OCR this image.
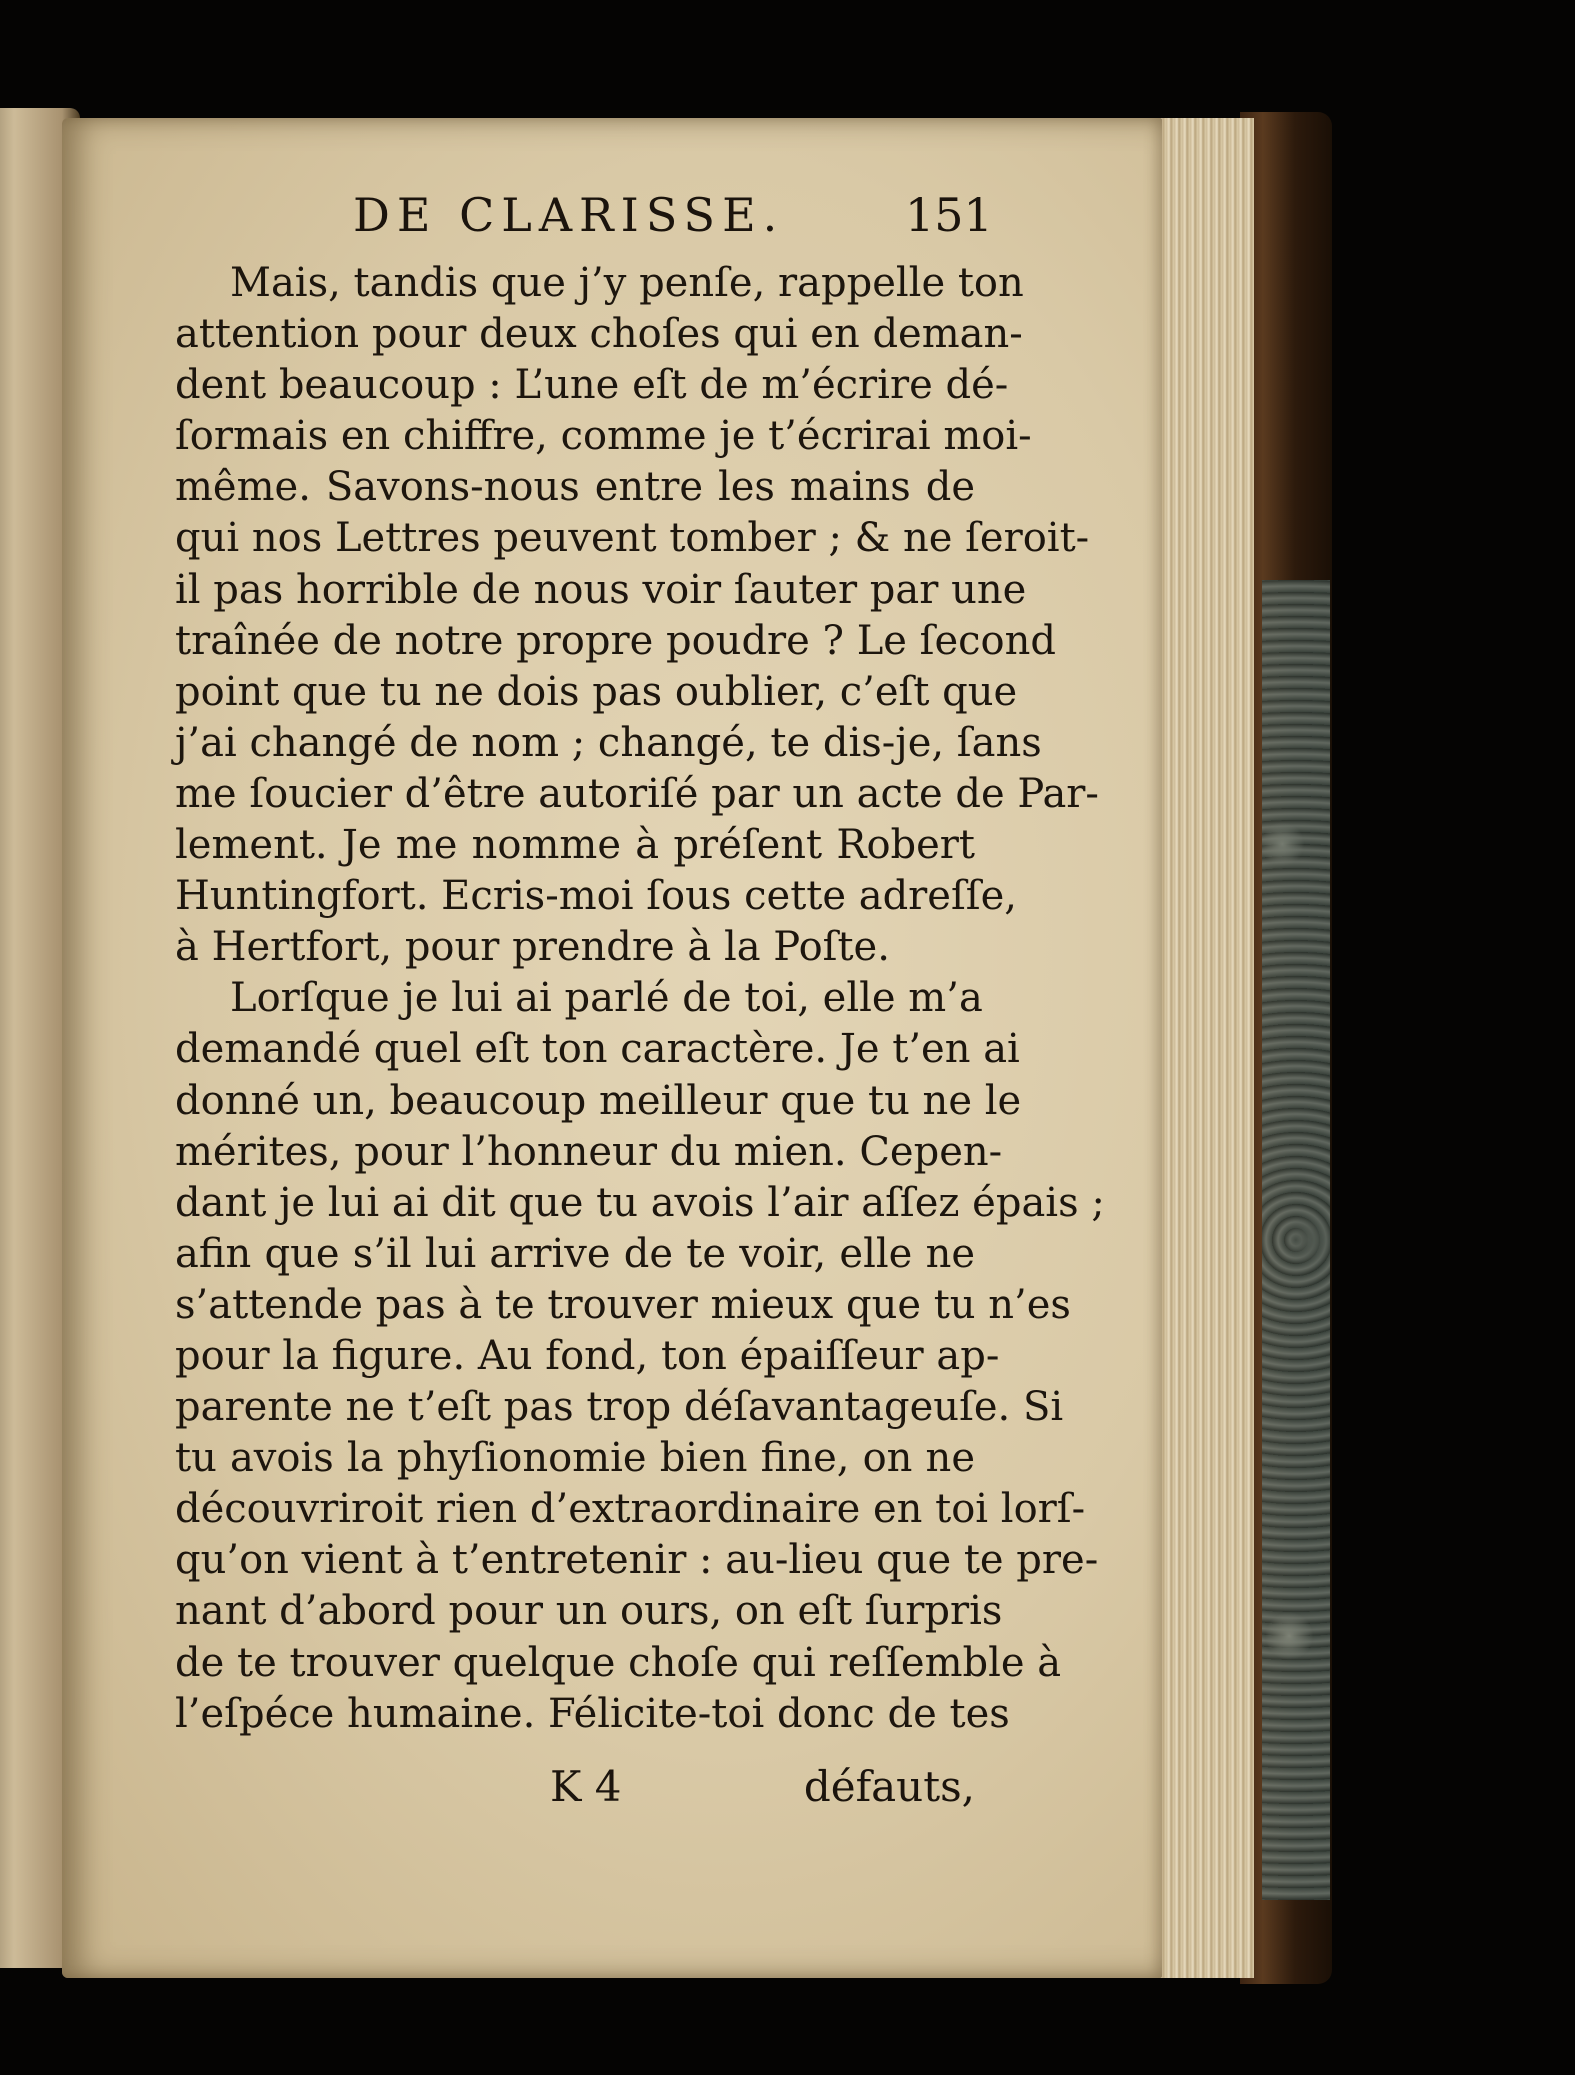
DE CLARISSE.	151
Mais, tandis que j’y penſe, rappelle ton
attention pour deux choſes qui en deman-
dent beaucoup : L’une eſt de m’écrire dé-
ſormais en chiffre, comme je t’écrirai moi-
même. Savons-nous entre les mains de
qui nos Lettres peuvent tomber ; & ne ſeroit-
il pas horrible de nous voir ſauter par une
traînée de notre propre poudre ? Le ſecond
point que tu ne dois pas oublier, c’eſt que
j’ai changé de nom ; changé, te dis-je, ſans
me ſoucier d’être autoriſé par un acte de Par-
lement. Je me nomme à préſent Robert
Huntingfort. Ecris-moi ſous cette adreſſe,
à Hertfort, pour prendre à la Poſte.
Lorſque je lui ai parlé de toi, elle m’a
demandé quel eſt ton caractère. Je t’en ai
donné un, beaucoup meilleur que tu ne le
mérites, pour l’honneur du mien. Cepen-
dant je lui ai dit que tu avois l’air aſſez épais ;
afin que s’il lui arrive de te voir, elle ne
s’attende pas à te trouver mieux que tu n’es
pour la figure. Au fond, ton épaiſſeur ap-
parente ne t’eſt pas trop déſavantageuſe. Si
tu avois la phyſionomie bien fine, on ne
découvriroit rien d’extraordinaire en toi lorſ-
qu’on vient à t’entretenir : au-lieu que te pre-
nant d’abord pour un ours, on eſt ſurpris
de te trouver quelque choſe qui reſſemble à
l’eſpéce humaine. Félicite-toi donc de tes
K 4	défauts,
